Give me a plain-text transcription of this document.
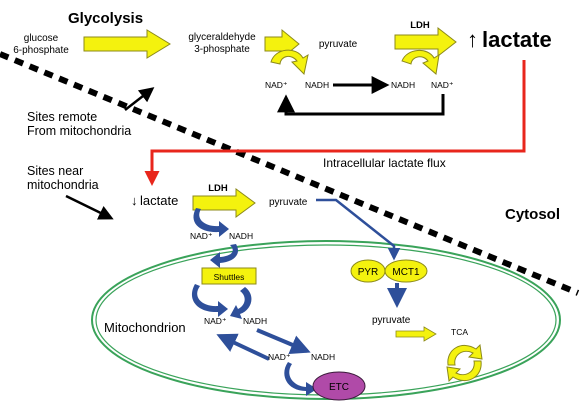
Glycolysis
Cytosol
glucose
6-phosphate
glyceraldehyde
3-phosphate	pyruvate
LDH
↑ lactate
NAD⁺ NADH	NADH NAD⁺
Sites remote
From mitochondria
Intracellular lactate flux
Sites near
mitochondria
↓ lactate
LDH
pyruvate
NAD⁺ NADH
Shuttles
NAD⁺ NADH
Mitochondrion
NAD⁺ NADH
ETC
PYR MCT1
pyruvate
TCA
